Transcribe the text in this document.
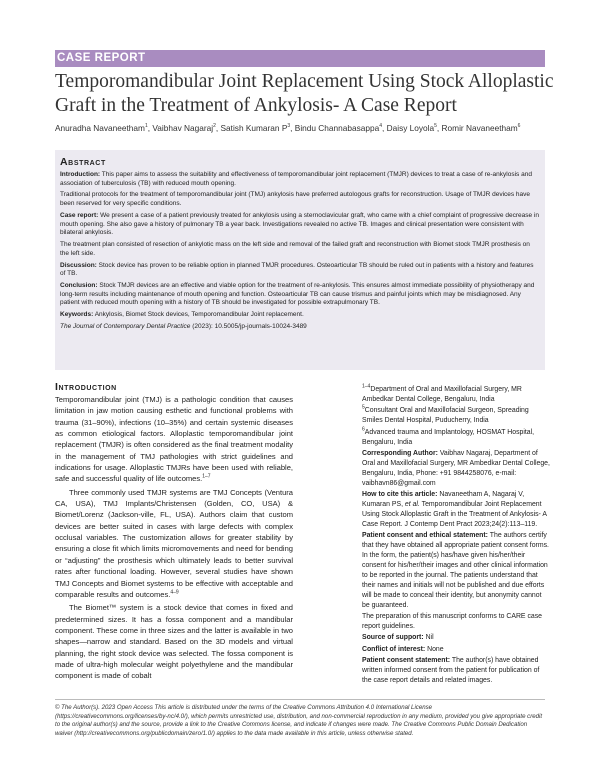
CASE REPORT
Temporomandibular Joint Replacement Using Stock Alloplastic Graft in the Treatment of Ankylosis- A Case Report
Anuradha Navaneetham$^1$, Vaibhav Nagaraj$^2$, Satish Kumaran $P^3$, Bindu Channabasappa$^4$, Daisy Loyola$^5$, Romir Navaneetham$^6$
Abstract

Introduction: This paper aims to assess the suitability and effectiveness of temporomandibular joint replacement (TMJR) devices to treat a case of re-ankylosis and association of tuberculosis (TB) with reduced mouth opening.

Traditional protocols for the treatment of temporomandibular joint (TMJ) ankylosis have preferred autologous grafts for reconstruction. Usage of TMJR devices have been reserved for very specific conditions.

Case report: We present a case of a patient previously treated for ankylosis using a sternoclavicular graft, who came with a chief complaint of progressive decrease in mouth opening. She also gave a history of pulmonary TB a year back. Investigations revealed no active TB. Images and clinical presentation were consistent with bilateral ankylosis.

The treatment plan consisted of resection of ankylotic mass on the left side and removal of the failed graft and reconstruction with Biomet stock TMJR prosthesis on the left side.

Discussion: Stock device has proven to be reliable option in planned TMJR procedures. Osteoarticular TB should be ruled out in patients with a history and features of TB.

Conclusion: Stock TMJR devices are an effective and viable option for the treatment of re-ankylosis. This ensures almost immediate possibility of physiotherapy and long-term results including maintenance of mouth opening and function. Osteoarticular TB can cause trismus and painful joints which may be misdiagnosed. Any patient with reduced mouth opening with a history of TB should be investigated for possible extrapulmonary TB.

Keywords: Ankylosis, Biomet Stock devices, Temporomandibular Joint replacement.

The Journal of Contemporary Dental Practice (2023): 10.5005/jp-journals-10024-3489

Introduction

Temporomandibular joint (TMJ) is a pathologic condition that causes limitation in jaw motion causing esthetic and functional problems with trauma (31–90%), infections (10–35%) and certain systemic diseases as common etiological factors. Alloplastic temporomandibular joint replacement (TMJR) is often considered as the final treatment modality in the management of TMJ pathologies with strict guidelines and indications for usage. Alloplastic TMJRs have been used with reliable, safe and successful quality of life outcomes.$^{1-7}$

Three commonly used TMJR systems are TMJ Concepts (Ventura CA, USA), TMJ Implants/Christensen (Golden, CO, USA) & Biomet/Lorenz (Jackson-ville, FL, USA). Authors claim that custom devices are better suited in cases with large defects with complex occlusal variables. The customization allows for greater stability by ensuring a close fit which limits micromovements and need for bending or “adjusting” the prosthesis which ultimately leads to better survival rates after functional loading. However, several studies have shown TMJ Concepts and Biomet systems to be effective with acceptable and comparable results and outcomes.$^{4-9}$

The Biomet™ system is a stock device that comes in fixed and predetermined sizes. It has a fossa component and a mandibular component. These come in three sizes and the latter is available in two shapes—narrow and standard. Based on the 3D models and virtual planning, the right stock device was selected. The fossa component is made of ultra-high molecular weight polyethylene and the mandibular component is made of cobalt

$^{1-4}$Department of Oral and Maxillofacial Surgery, MR Ambedkar Dental College, Bengaluru, India

$^5$Consultant Oral and Maxillofacial Surgeon, Spreading Smiles Dental Hospital, Puducherry, India

$^6$Advanced trauma and Implantology, HOSMAT Hospital, Bengaluru, India

Corresponding Author: Vaibhav Nagaraj, Department of Oral and Maxillofacial Surgery, MR Ambedkar Dental College, Bengaluru, India, Phone: +91 9844258076, e-mail: vaibhavn86@gmail.com

How to cite this article: Navaneetham A, Nagaraj V, Kumaran PS, et al. Temporomandibular Joint Replacement Using Stock Alloplastic Graft in the Treatment of Ankylosis- A Case Report. J Contemp Dent Pract 2023;24(2):113–119.

Patient consent and ethical statement: The authors certify that they have obtained all appropriate patient consent forms. In the form, the patient(s) has/have given his/her/their consent for his/her/their images and other clinical information to be reported in the journal. The patients understand that their names and initials will not be published and due efforts will be made to conceal their identity, but anonymity cannot be guaranteed.

The preparation of this manuscript conforms to CARE case report guidelines.

Source of support: Nil

Conflict of interest: None

Patient consent statement: The author(s) have obtained written informed consent from the patient for publication of the case report details and related images.

© The Author(s). 2023 Open Access This article is distributed under the terms of the Creative Commons Attribution 4.0 International License (https://creativecommons.org/licenses/by-nc/4.0/), which permits unrestricted use, distribution, and non-commercial reproduction in any medium, provided you give appropriate credit to the original author(s) and the source, provide a link to the Creative Commons license, and indicate if changes were made. The Creative Commons Public Domain Dedication waiver (http://creativecommons.org/publicdomain/zero/1.0/) applies to the data made available in this article, unless otherwise stated.
